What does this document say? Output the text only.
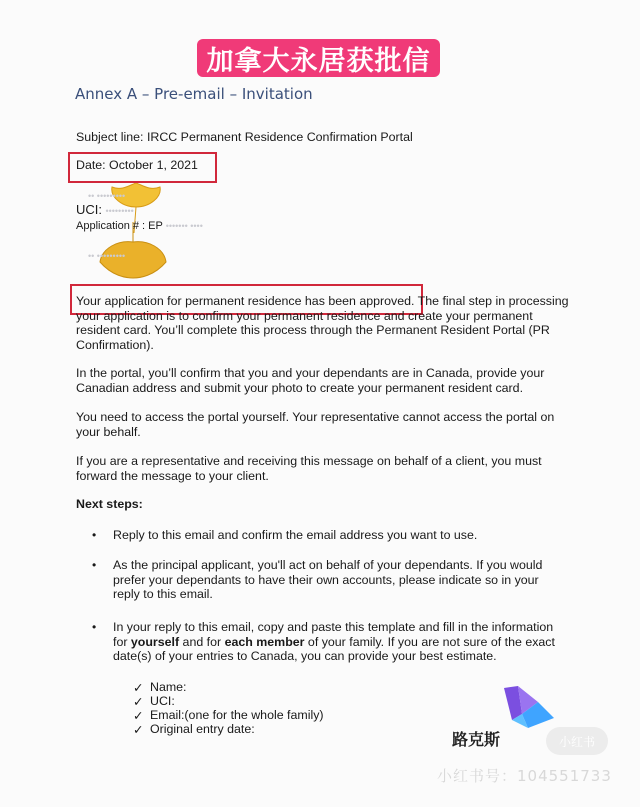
加拿大永居获批信
Annex A – Pre-email – Invitation
Subject line: IRCC Permanent Residence Confirmation Portal
Date: October 1, 2021
•• •••••••••
UCI: •••••••••
Application # : EP ••••••• ••••
•• •••••••••
Your application for permanent residence has been approved. The final step in processing your application is to confirm your permanent residence and create your permanent resident card. You’ll complete this process through the Permanent Resident Portal (PR Confirmation).
In the portal, you’ll confirm that you and your dependants are in Canada, provide your Canadian address and submit your photo to create your permanent resident card.
You need to access the portal yourself. Your representative cannot access the portal on your behalf.
If you are a representative and receiving this message on behalf of a client, you must forward the message to your client.
Next steps:
• Reply to this email and confirm the email address you want to use.
• As the principal applicant, you'll act on behalf of your dependants. If you would prefer your dependants to have their own accounts, please indicate so in your reply to this email.
• In your reply to this email, copy and paste this template and fill in the information for yourself and for each member of your family. If you are not sure of the exact date(s) of your entries to Canada, you can provide your best estimate.
✓ Name:
✓ UCI:
✓ Email:(one for the whole family)
✓ Original entry date:
路克斯	小红书
小红书号：104551733
